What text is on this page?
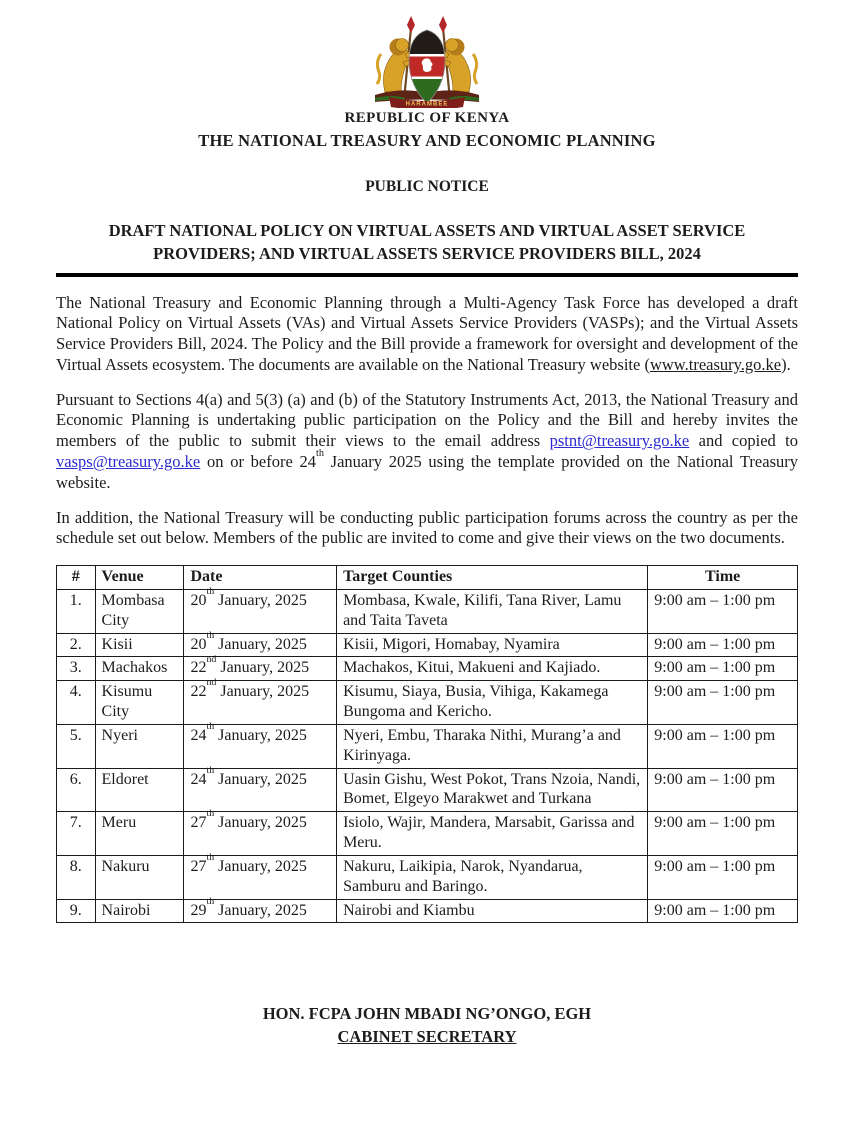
HARAMBEE
REPUBLIC OF KENYA
THE NATIONAL TREASURY AND ECONOMIC PLANNING
PUBLIC NOTICE
DRAFT NATIONAL POLICY ON VIRTUAL ASSETS AND VIRTUAL ASSET SERVICE
PROVIDERS; AND VIRTUAL ASSETS SERVICE PROVIDERS BILL, 2024

The National Treasury and Economic Planning through a Multi-Agency Task Force has developed a draft National Policy on Virtual Assets (VAs) and Virtual Assets Service Providers (VASPs); and the Virtual Assets Service Providers Bill, 2024. The Policy and the Bill provide a framework for oversight and development of the Virtual Assets ecosystem. The documents are available on the National Treasury website (www.treasury.go.ke).

Pursuant to Sections 4(a) and 5(3) (a) and (b) of the Statutory Instruments Act, 2013, the National Treasury and Economic Planning is undertaking public participation on the Policy and the Bill and hereby invites the members of the public to submit their views to the email address pstnt@treasury.go.ke and copied to vasps@treasury.go.ke on or before 24th January 2025 using the template provided on the National Treasury website.

In addition, the National Treasury will be conducting public participation forums across the country as per the schedule set out below. Members of the public are invited to come and give their views on the two documents.

#	Venue	Date	Target Counties	Time
1.	Mombasa City	20th January, 2025	Mombasa, Kwale, Kilifi, Tana River, Lamu and Taita Taveta	9:00 am – 1:00 pm
2.	Kisii	20th January, 2025	Kisii, Migori, Homabay, Nyamira	9:00 am – 1:00 pm
3.	Machakos	22nd January, 2025	Machakos, Kitui, Makueni and Kajiado.	9:00 am – 1:00 pm
4.	Kisumu City	22nd January, 2025	Kisumu, Siaya, Busia, Vihiga, Kakamega Bungoma and Kericho.	9:00 am – 1:00 pm
5.	Nyeri	24th January, 2025	Nyeri, Embu, Tharaka Nithi, Murang’a and Kirinyaga.	9:00 am – 1:00 pm
6.	Eldoret	24th January, 2025	Uasin Gishu, West Pokot, Trans Nzoia, Nandi, Bomet, Elgeyo Marakwet and Turkana	9:00 am – 1:00 pm
7.	Meru	27th January, 2025	Isiolo, Wajir, Mandera, Marsabit, Garissa and Meru.	9:00 am – 1:00 pm
8.	Nakuru	27th January, 2025	Nakuru, Laikipia, Narok, Nyandarua, Samburu and Baringo.	9:00 am – 1:00 pm
9.	Nairobi	29th January, 2025	Nairobi and Kiambu	9:00 am – 1:00 pm
HON. FCPA JOHN MBADI NG’ONGO, EGH
CABINET SECRETARY
